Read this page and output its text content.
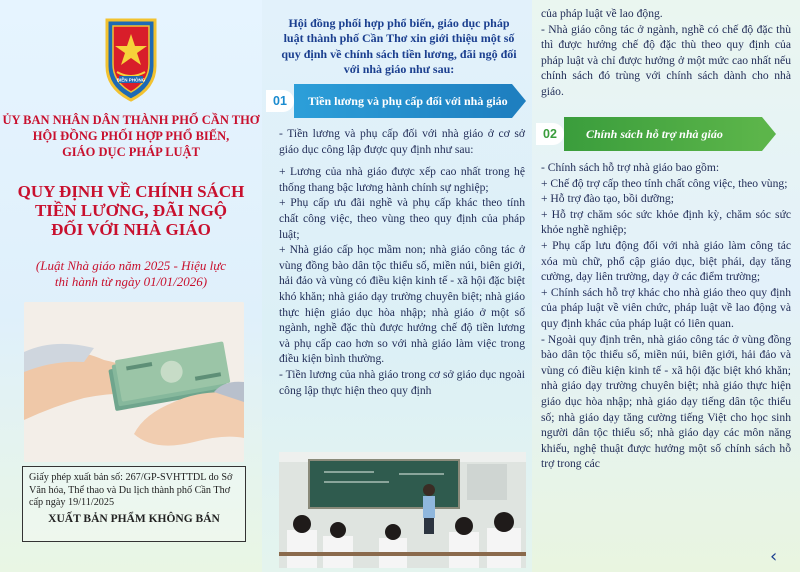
BIÊN PHÒNG
ỦY BAN NHÂN DÂN THÀNH PHỐ CẦN THƠ
HỘI ĐỒNG PHỐI HỢP PHỔ BIẾN,
GIÁO DỤC PHÁP LUẬT
QUY ĐỊNH VỀ CHÍNH SÁCH
TIỀN LƯƠNG, ĐÃI NGỘ
ĐỐI VỚI NHÀ GIÁO
(Luật Nhà giáo năm 2025 - Hiệu lực
thi hành từ ngày 01/01/2026)
Giấy phép xuất bản số: 267/GP-SVHTTDL do Sở Văn hóa, Thể thao và Du lịch thành phố Cần Thơ cấp ngày 19/11/2025
XUẤT BẢN PHẨM KHÔNG BÁN
Hội đồng phối hợp phổ biến, giáo dục pháp luật thành phố Cần Thơ xin giới thiệu một số quy định về chính sách tiền lương, đãi ngộ đối với nhà giáo như sau:
01	Tiền lương và phụ cấp đối với nhà giáo
- Tiền lương và phụ cấp đối với nhà giáo ở cơ sở giáo dục công lập được quy định như sau:
+ Lương của nhà giáo được xếp cao nhất trong hệ thống thang bậc lương hành chính sự nghiệp;
+ Phụ cấp ưu đãi nghề và phụ cấp khác theo tính chất công việc, theo vùng theo quy định của pháp luật;
+ Nhà giáo cấp học mầm non; nhà giáo công tác ở vùng đồng bào dân tộc thiểu số, miền núi, biên giới, hải đảo và vùng có điều kiện kinh tế - xã hội đặc biệt khó khăn; nhà giáo dạy trường chuyên biệt; nhà giáo thực hiện giáo dục hòa nhập; nhà giáo ở một số ngành, nghề đặc thù được hưởng chế độ tiền lương và phụ cấp cao hơn so với nhà giáo làm việc trong điều kiện bình thường.
- Tiền lương của nhà giáo trong cơ sở giáo dục ngoài công lập thực hiện theo quy định
của pháp luật về lao động.
- Nhà giáo công tác ở ngành, nghề có chế độ đặc thù thì được hưởng chế độ đặc thù theo quy định của pháp luật và chỉ được hưởng ở một mức cao nhất nếu chính sách đó trùng với chính sách dành cho nhà giáo.
02	Chính sách hỗ trợ nhà giáo
- Chính sách hỗ trợ nhà giáo bao gồm:
+ Chế độ trợ cấp theo tính chất công việc, theo vùng;
+ Hỗ trợ đào tạo, bồi dưỡng;
+ Hỗ trợ chăm sóc sức khỏe định kỳ, chăm sóc sức khỏe nghề nghiệp;
+ Phụ cấp lưu động đối với nhà giáo làm công tác xóa mù chữ, phổ cập giáo dục, biệt phái, dạy tăng cường, dạy liên trường, dạy ở các điểm trường;
+ Chính sách hỗ trợ khác cho nhà giáo theo quy định của pháp luật về viên chức, pháp luật về lao động và quy định khác của pháp luật có liên quan.
- Ngoài quy định trên, nhà giáo công tác ở vùng đồng bào dân tộc thiểu số, miền núi, biên giới, hải đảo và vùng có điều kiện kinh tế - xã hội đặc biệt khó khăn; nhà giáo dạy trường chuyên biệt; nhà giáo thực hiện giáo dục hòa nhập; nhà giáo dạy tiếng dân tộc thiểu số; nhà giáo dạy tăng cường tiếng Việt cho học sinh người dân tộc thiểu số; nhà giáo dạy các môn năng khiếu, nghệ thuật được hưởng một số chính sách hỗ trợ trong các
‹
